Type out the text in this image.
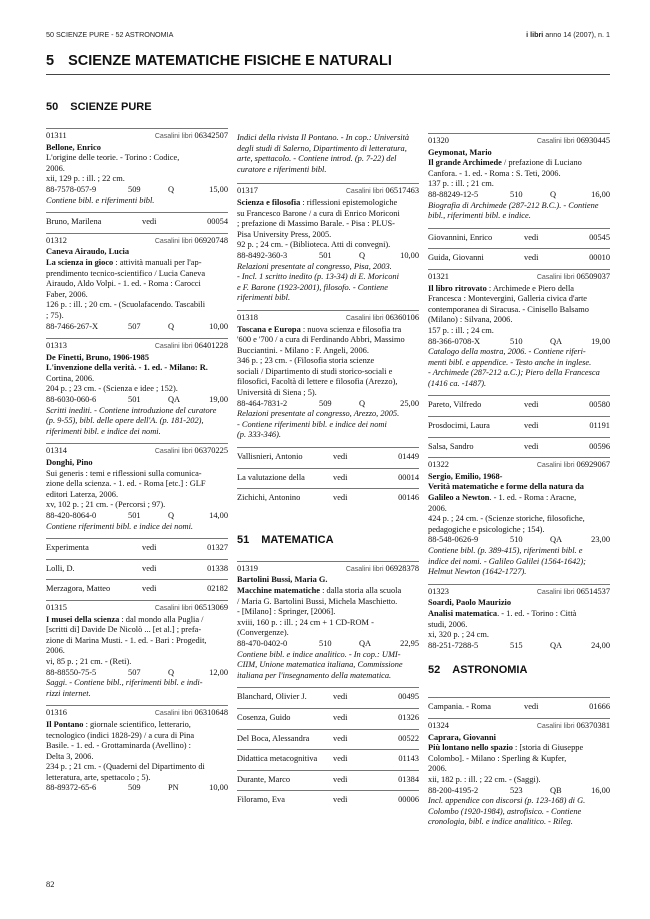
50 SCIENZE PURE - 52 ASTRONOMIA	i libri anno 14 (2007), n. 1
5 SCIENZE MATEMATICHE FISICHE E NATURALI
50 SCIENZE PURE
01311	Casalini libri 06342507
Bellone, Enrico
L'origine delle teorie. - Torino : Codice,
2006.
xii, 129 p. : ill. ; 22 cm.
88-7578-057-9	509	Q	15,00
Contiene bibl. e riferimenti bibl.
Bruno, Marilena	vedi	00054
01312	Casalini libri 06920748
Caneva Airaudo, Lucia
La scienza in gioco : attività manuali per l'ap-
prendimento tecnico-scientifico / Lucia Caneva
Airaudo, Aldo Volpi. - 1. ed. - Roma : Carocci
Faber, 2006.
126 p. : ill. ; 20 cm. - (Scuolafacendo. Tascabili
; 75).
88-7466-267-X	507	Q	10,00
01313	Casalini libri 06401228
De Finetti, Bruno, 1906-1985
L'invenzione della verità. - 1. ed. - Milano: R.
Cortina, 2006.
204 p. ; 23 cm. - (Scienza e idee ; 152).
88-6030-060-6	501	QA	19,00
Scritti inediti. - Contiene introduzione del curatore
(p. 9-55), bibl. delle opere dell'A. (p. 181-202),
riferimenti bibl. e indice dei nomi.
01314	Casalini libri 06370225
Donghi, Pino
Sui generis : temi e riflessioni sulla comunica-
zione della scienza. - 1. ed. - Roma [etc.] : GLF
editori Laterza, 2006.
xv, 102 p. ; 21 cm. - (Percorsi ; 97).
88-420-8064-0	501	Q	14,00
Contiene riferimenti bibl. e indice dei nomi.
Experimenta	vedi	01327
Lolli, D.	vedi	01338
Merzagora, Matteo	vedi	02182
01315	Casalini libri 06513069
I musei della scienza : dal mondo alla Puglia /
[scritti di] Davide De Nicolò ... [et al.] ; prefa-
zione di Marina Musti. - 1. ed. - Bari : Progedit,
2006.
vi, 85 p. ; 21 cm. - (Reti).
88-88550-75-5	507	Q	12,00
Saggi. - Contiene bibl., riferimenti bibl. e indi-
rizzi internet.
01316	Casalini libri 06310648
Il Pontano : giornale scientifico, letterario,
tecnologico (indici 1828-29) / a cura di Pina
Basile. - 1. ed. - Grottaminarda (Avellino) :
Delta 3, 2006.
234 p. ; 21 cm. - (Quaderni del Dipartimento di
letteratura, arte, spettacolo ; 5).
88-89372-65-6	509	PN	10,00
Indici della rivista Il Pontano. - In cop.: Università
degli studi di Salerno, Dipartimento di letteratura,
arte, spettacolo. - Contiene introd. (p. 7-22) del
curatore e riferimenti bibl.
01317	Casalini libri 06517463
Scienza e filosofia : riflessioni epistemologiche
su Francesco Barone / a cura di Enrico Moriconi
; prefazione di Massimo Barale. - Pisa : PLUS-
Pisa University Press, 2005.
92 p. ; 24 cm. - (Biblioteca. Atti di convegni).
88-8492-360-3	501	Q	10,00
Relazioni presentate al congresso, Pisa, 2003.
- Incl. 1 scritto inedito (p. 13-34) di E. Moriconi
e F. Barone (1923-2001), filosofo. - Contiene
riferimenti bibl.
01318	Casalini libri 06360106
Toscana e Europa : nuova scienza e filosofia tra
'600 e '700 / a cura di Ferdinando Abbri, Massimo
Bucciantini. - Milano : F. Angeli, 2006.
346 p. ; 23 cm. - (Filosofia storia scienze
sociali / Dipartimento di studi storico-sociali e
filosofici, Facoltà di lettere e filosofia (Arezzo),
Università di Siena ; 5).
88-464-7831-2	509	Q	25,00
Relazioni presentate al congresso, Arezzo, 2005.
- Contiene riferimenti bibl. e indice dei nomi
(p. 333-346).
Vallisnieri, Antonio	vedi	01449
La valutazione della	vedi	00014
Zichichi, Antonino	vedi	00146
51 MATEMATICA
01319	Casalini libri 06928378
Bartolini Bussi, Maria G.
Macchine matematiche : dalla storia alla scuola
/ Maria G. Bartolini Bussi, Michela Maschietto.
- [Milano] : Springer, [2006].
xviii, 160 p. : ill. ; 24 cm + 1 CD-ROM -
(Convergenze).
88-470-0402-0	510	QA	22,95
Contiene bibl. e indice analitico. - In cop.: UMI-
CIIM, Unione matematica italiana, Commissione
italiana per l'insegnamento della matematica.
Blanchard, Olivier J.	vedi	00495
Cosenza, Guido	vedi	01326
Del Boca, Alessandra	vedi	00522
Didattica metacognitiva	vedi	01143
Durante, Marco	vedi	01384
Filoramo, Eva	vedi	00006
01320	Casalini libri 06930445
Geymonat, Mario
Il grande Archimede / prefazione di Luciano
Canfora. - 1. ed. - Roma : S. Teti, 2006.
137 p. : ill. ; 21 cm.
88-88249-12-5	510	Q	16,00
Biografia di Archimede (287-212 B.C.). - Contiene
bibl., riferimenti bibl. e indice.
Giovannini, Enrico	vedi	00545
Guida, Giovanni	vedi	00010
01321	Casalini libri 06509037
Il libro ritrovato : Archimede e Piero della
Francesca : Montevergini, Galleria civica d'arte
contemporanea di Siracusa. - Cinisello Balsamo
(Milano) : Silvana, 2006.
157 p. : ill. ; 24 cm.
88-366-0708-X	510	QA	19,00
Catalogo della mostra, 2006. - Contiene riferi-
menti bibl. e appendice. - Testo anche in inglese.
- Archimede (287-212 a.C.); Piero della Francesca
(1416 ca. -1487).
Pareto, Vilfredo	vedi	00580
Prosdocimi, Laura	vedi	01191
Salsa, Sandro	vedi	00596
01322	Casalini libri 06929067
Sergio, Emilio, 1968-
Verità matematiche e forme della natura da
Galileo a Newton. - 1. ed. - Roma : Aracne,
2006.
424 p. ; 24 cm. - (Scienze storiche, filosofiche,
pedagogiche e psicologiche ; 154).
88-548-0626-9	510	QA	23,00
Contiene bibl. (p. 389-415), riferimenti bibl. e
indice dei nomi. - Galileo Galilei (1564-1642);
Helmut Newton (1642-1727).
01323	Casalini libri 06514537
Soardi, Paolo Maurizio
Analisi matematica. - 1. ed. - Torino : Città
studi, 2006.
xi, 320 p. ; 24 cm.
88-251-7288-5	515	QA	24,00
52 ASTRONOMIA
Campania. - Roma	vedi	01666
01324	Casalini libri 06370381
Caprara, Giovanni
Più lontano nello spazio : [storia di Giuseppe
Colombo]. - Milano : Sperling & Kupfer,
2006.
xii, 182 p. : ill. ; 22 cm. - (Saggi).
88-200-4195-2	523	QB	16,00
Incl. appendice con discorsi (p. 123-168) di G.
Colombo (1920-1984), astrofisico. - Contiene
cronologia, bibl. e indice analitico. - Rileg.
82
